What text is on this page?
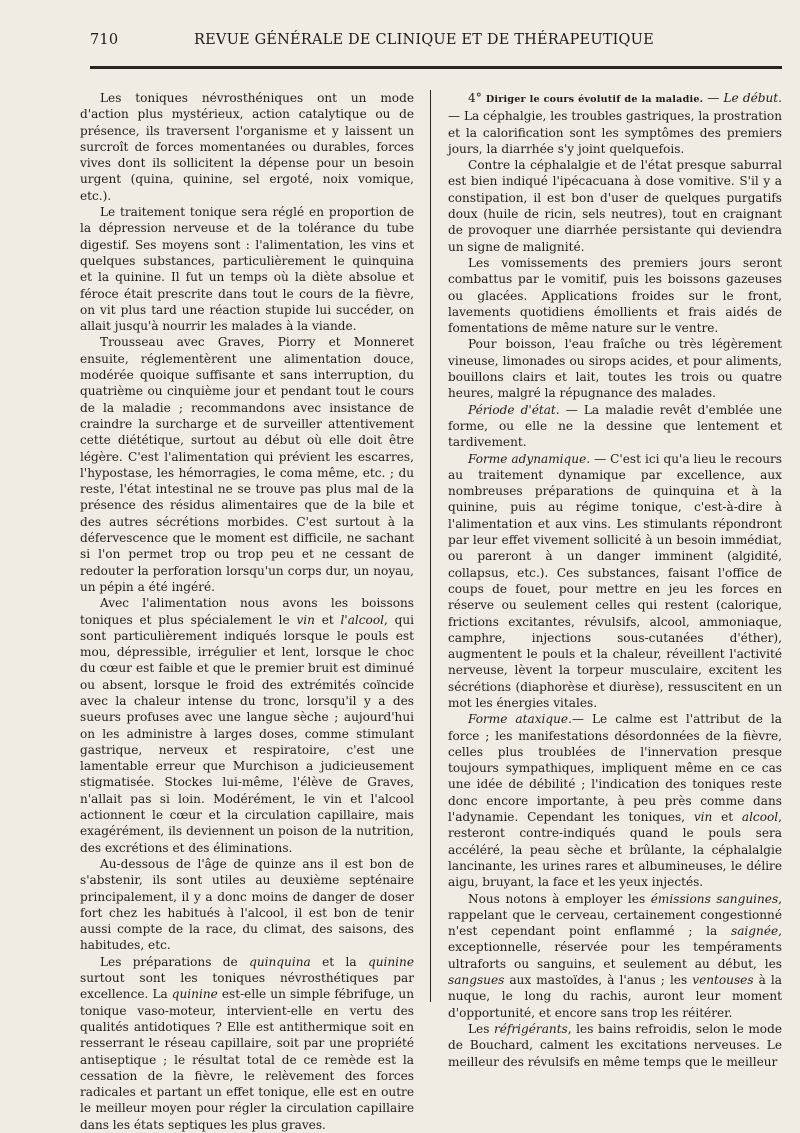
710	REVUE GÉNÉRALE DE CLINIQUE ET DE THÉRAPEUTIQUE

Les toniques névrosthéniques ont un mode d'action plus mystérieux, action catalytique ou de présence, ils traversent l'organisme et y laissent un surcroît de forces momentanées ou durables, forces vives dont ils sollicitent la dépense pour un besoin urgent (quina, quinine, sel ergoté, noix vomique, etc.).

Le traitement tonique sera réglé en proportion de la dépression nerveuse et de la tolérance du tube digestif. Ses moyens sont : l'alimentation, les vins et quelques substances, particulièrement le quinquina et la quinine. Il fut un temps où la diète absolue et féroce était prescrite dans tout le cours de la fièvre, on vit plus tard une réaction stupide lui succéder, on allait jusqu'à nourrir les malades à la viande.

Trousseau avec Graves, Piorry et Monneret ensuite, réglementèrent une alimentation douce, modérée quoique suffisante et sans interruption, du quatrième ou cinquième jour et pendant tout le cours de la maladie ; recommandons avec insistance de craindre la surcharge et de surveiller attentivement cette diététique, surtout au début où elle doit être légère. C'est l'alimentation qui prévient les escarres, l'hypostase, les hémorragies, le coma même, etc. ; du reste, l'état intestinal ne se trouve pas plus mal de la présence des résidus alimentaires que de la bile et des autres sécrétions morbides. C'est surtout à la défervescence que le moment est difficile, ne sachant si l'on permet trop ou trop peu et ne cessant de redouter la perforation lorsqu'un corps dur, un noyau, un pépin a été ingéré.

Avec l'alimentation nous avons les boissons toniques et plus spécialement le vin et l'alcool, qui sont particulièrement indiqués lorsque le pouls est mou, dépressible, irrégulier et lent, lorsque le choc du cœur est faible et que le premier bruit est diminué ou absent, lorsque le froid des extrémités coïncide avec la chaleur intense du tronc, lorsqu'il y a des sueurs profuses avec une langue sèche ; aujourd'hui on les administre à larges doses, comme stimulant gastrique, nerveux et respiratoire, c'est une lamentable erreur que Murchison a judicieusement stigmatisée. Stockes lui-même, l'élève de Graves, n'allait pas si loin. Modérément, le vin et l'alcool actionnent le cœur et la circulation capillaire, mais exagérément, ils deviennent un poison de la nutrition, des excrétions et des éliminations.

Au-dessous de l'âge de quinze ans il est bon de s'abstenir, ils sont utiles au deuxième septénaire principalement, il y a donc moins de danger de doser fort chez les habitués à l'alcool, il est bon de tenir aussi compte de la race, du climat, des saisons, des habitudes, etc.

Les préparations de quinquina et la quinine surtout sont les toniques névrosthétiques par excellence. La quinine est-elle un simple fébrifuge, un tonique vaso-moteur, intervient-elle en vertu des qualités antidotiques ? Elle est antithermique soit en resserrant le réseau capillaire, soit par une propriété antiseptique ; le résultat total de ce remède est la cessation de la fièvre, le relèvement des forces radicales et partant un effet tonique, elle est en outre le meilleur moyen pour régler la circulation capillaire dans les états septiques les plus graves.

4° Diriger le cours évolutif de la maladie. — Le début. — La céphalgie, les troubles gastriques, la prostration et la calorification sont les symptômes des premiers jours, la diarrhée s'y joint quelquefois.

Contre la céphalalgie et de l'état presque saburral est bien indiqué l'ipécacuana à dose vomitive. S'il y a constipation, il est bon d'user de quelques purgatifs doux (huile de ricin, sels neutres), tout en craignant de provoquer une diarrhée persistante qui deviendra un signe de malignité.

Les vomissements des premiers jours seront combattus par le vomitif, puis les boissons gazeuses ou glacées. Applications froides sur le front, lavements quotidiens émollients et frais aidés de fomentations de même nature sur le ventre.

Pour boisson, l'eau fraîche ou très légèrement vineuse, limonades ou sirops acides, et pour aliments, bouillons clairs et lait, toutes les trois ou quatre heures, malgré la répugnance des malades.

Période d'état. — La maladie revêt d'emblée une forme, ou elle ne la dessine que lentement et tardivement.

Forme adynamique. — C'est ici qu'a lieu le recours au traitement dynamique par excellence, aux nombreuses préparations de quinquina et à la quinine, puis au régime tonique, c'est-à-dire à l'alimentation et aux vins. Les stimulants répondront par leur effet vivement sollicité à un besoin immédiat, ou pareront à un danger imminent (algidité, collapsus, etc.). Ces substances, faisant l'office de coups de fouet, pour mettre en jeu les forces en réserve ou seulement celles qui restent (calorique, frictions excitantes, révulsifs, alcool, ammoniaque, camphre, injections sous-cutanées d'éther), augmentent le pouls et la chaleur, réveillent l'activité nerveuse, lèvent la torpeur musculaire, excitent les sécrétions (diaphorèse et diurèse), ressuscitent en un mot les énergies vitales.

Forme ataxique.— Le calme est l'attribut de la force ; les manifestations désordonnées de la fièvre, celles plus troublées de l'innervation presque toujours sympathiques, impliquent même en ce cas une idée de débilité ; l'indication des toniques reste donc encore importante, à peu près comme dans l'adynamie. Cependant les toniques, vin et alcool, resteront contre-indiqués quand le pouls sera accéléré, la peau sèche et brûlante, la céphalalgie lancinante, les urines rares et albumineuses, le délire aigu, bruyant, la face et les yeux injectés.

Nous notons à employer les émissions sanguines, rappelant que le cerveau, certainement congestionné n'est cependant point enflammé ; la saignée, exceptionnelle, réservée pour les tempéraments ultraforts ou sanguins, et seulement au début, les sangsues aux mastoïdes, à l'anus ; les ventouses à la nuque, le long du rachis, auront leur moment d'opportunité, et encore sans trop les réitérer.

Les réfrigérants, les bains refroidis, selon le mode de Bouchard, calment les excitations nerveuses. Le meilleur des révulsifs en même temps que le meilleur
